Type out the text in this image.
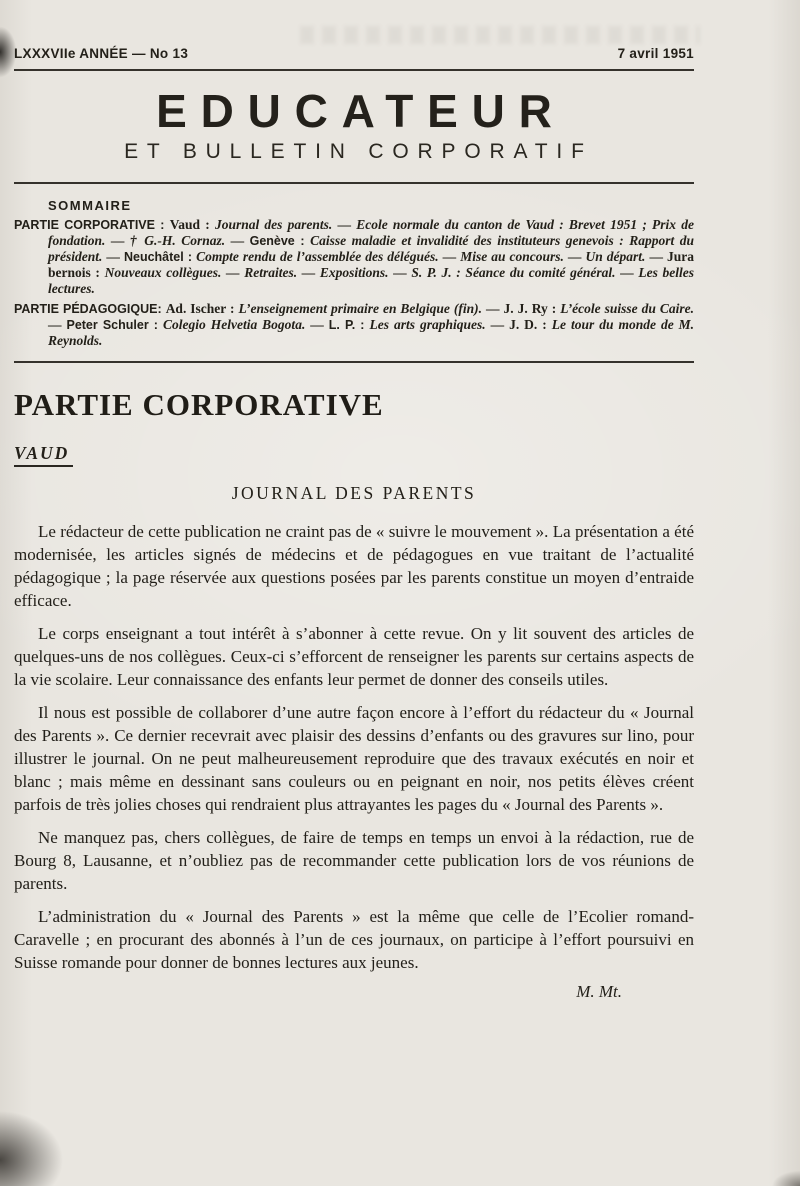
LXXXVIIe ANNÉE — No 13	7 avril 1951
EDUCATEUR
ET BULLETIN CORPORATIF
SOMMAIRE

PARTIE CORPORATIVE : Vaud : Journal des parents. — Ecole normale du canton de Vaud : Brevet 1951 ; Prix de fondation. — † G.-H. Cornaz. — Genève : Caisse maladie et invalidité des instituteurs genevois : Rapport du président. — Neuchâtel : Compte rendu de l’assemblée des délégués. — Mise au concours. — Un départ. — Jura bernois : Nouveaux collègues. — Retraites. — Expositions. — S. P. J. : Séance du comité général. — Les belles lectures.

PARTIE PÉDAGOGIQUE: Ad. Ischer : L’enseignement primaire en Belgique (fin). — J. J. Ry : L’école suisse du Caire. — Peter Schuler : Colegio Helvetia Bogota. — L. P. : Les arts graphiques. — J. D. : Le tour du monde de M. Reynolds.

PARTIE CORPORATIVE
VAUD
JOURNAL DES PARENTS

Le rédacteur de cette publication ne craint pas de « suivre le mouvement ». La présentation a été modernisée, les articles signés de médecins et de pédagogues en vue traitant de l’actualité pédagogique ; la page réservée aux questions posées par les parents constitue un moyen d’entraide efficace.

Le corps enseignant a tout intérêt à s’abonner à cette revue. On y lit souvent des articles de quelques-uns de nos collègues. Ceux-ci s’efforcent de renseigner les parents sur certains aspects de la vie scolaire. Leur connaissance des enfants leur permet de donner des conseils utiles.

Il nous est possible de collaborer d’une autre façon encore à l’effort du rédacteur du « Journal des Parents ». Ce dernier recevrait avec plaisir des dessins d’enfants ou des gravures sur lino, pour illustrer le journal. On ne peut malheureusement reproduire que des travaux exécutés en noir et blanc ; mais même en dessinant sans couleurs ou en peignant en noir, nos petits élèves créent parfois de très jolies choses qui rendraient plus attrayantes les pages du « Journal des Parents ».

Ne manquez pas, chers collègues, de faire de temps en temps un envoi à la rédaction, rue de Bourg 8, Lausanne, et n’oubliez pas de recommander cette publication lors de vos réunions de parents.

L’administration du « Journal des Parents » est la même que celle de l’Ecolier romand-Caravelle ; en procurant des abonnés à l’un de ces journaux, on participe à l’effort poursuivi en Suisse romande pour donner de bonnes lectures aux jeunes.

M. Mt.
